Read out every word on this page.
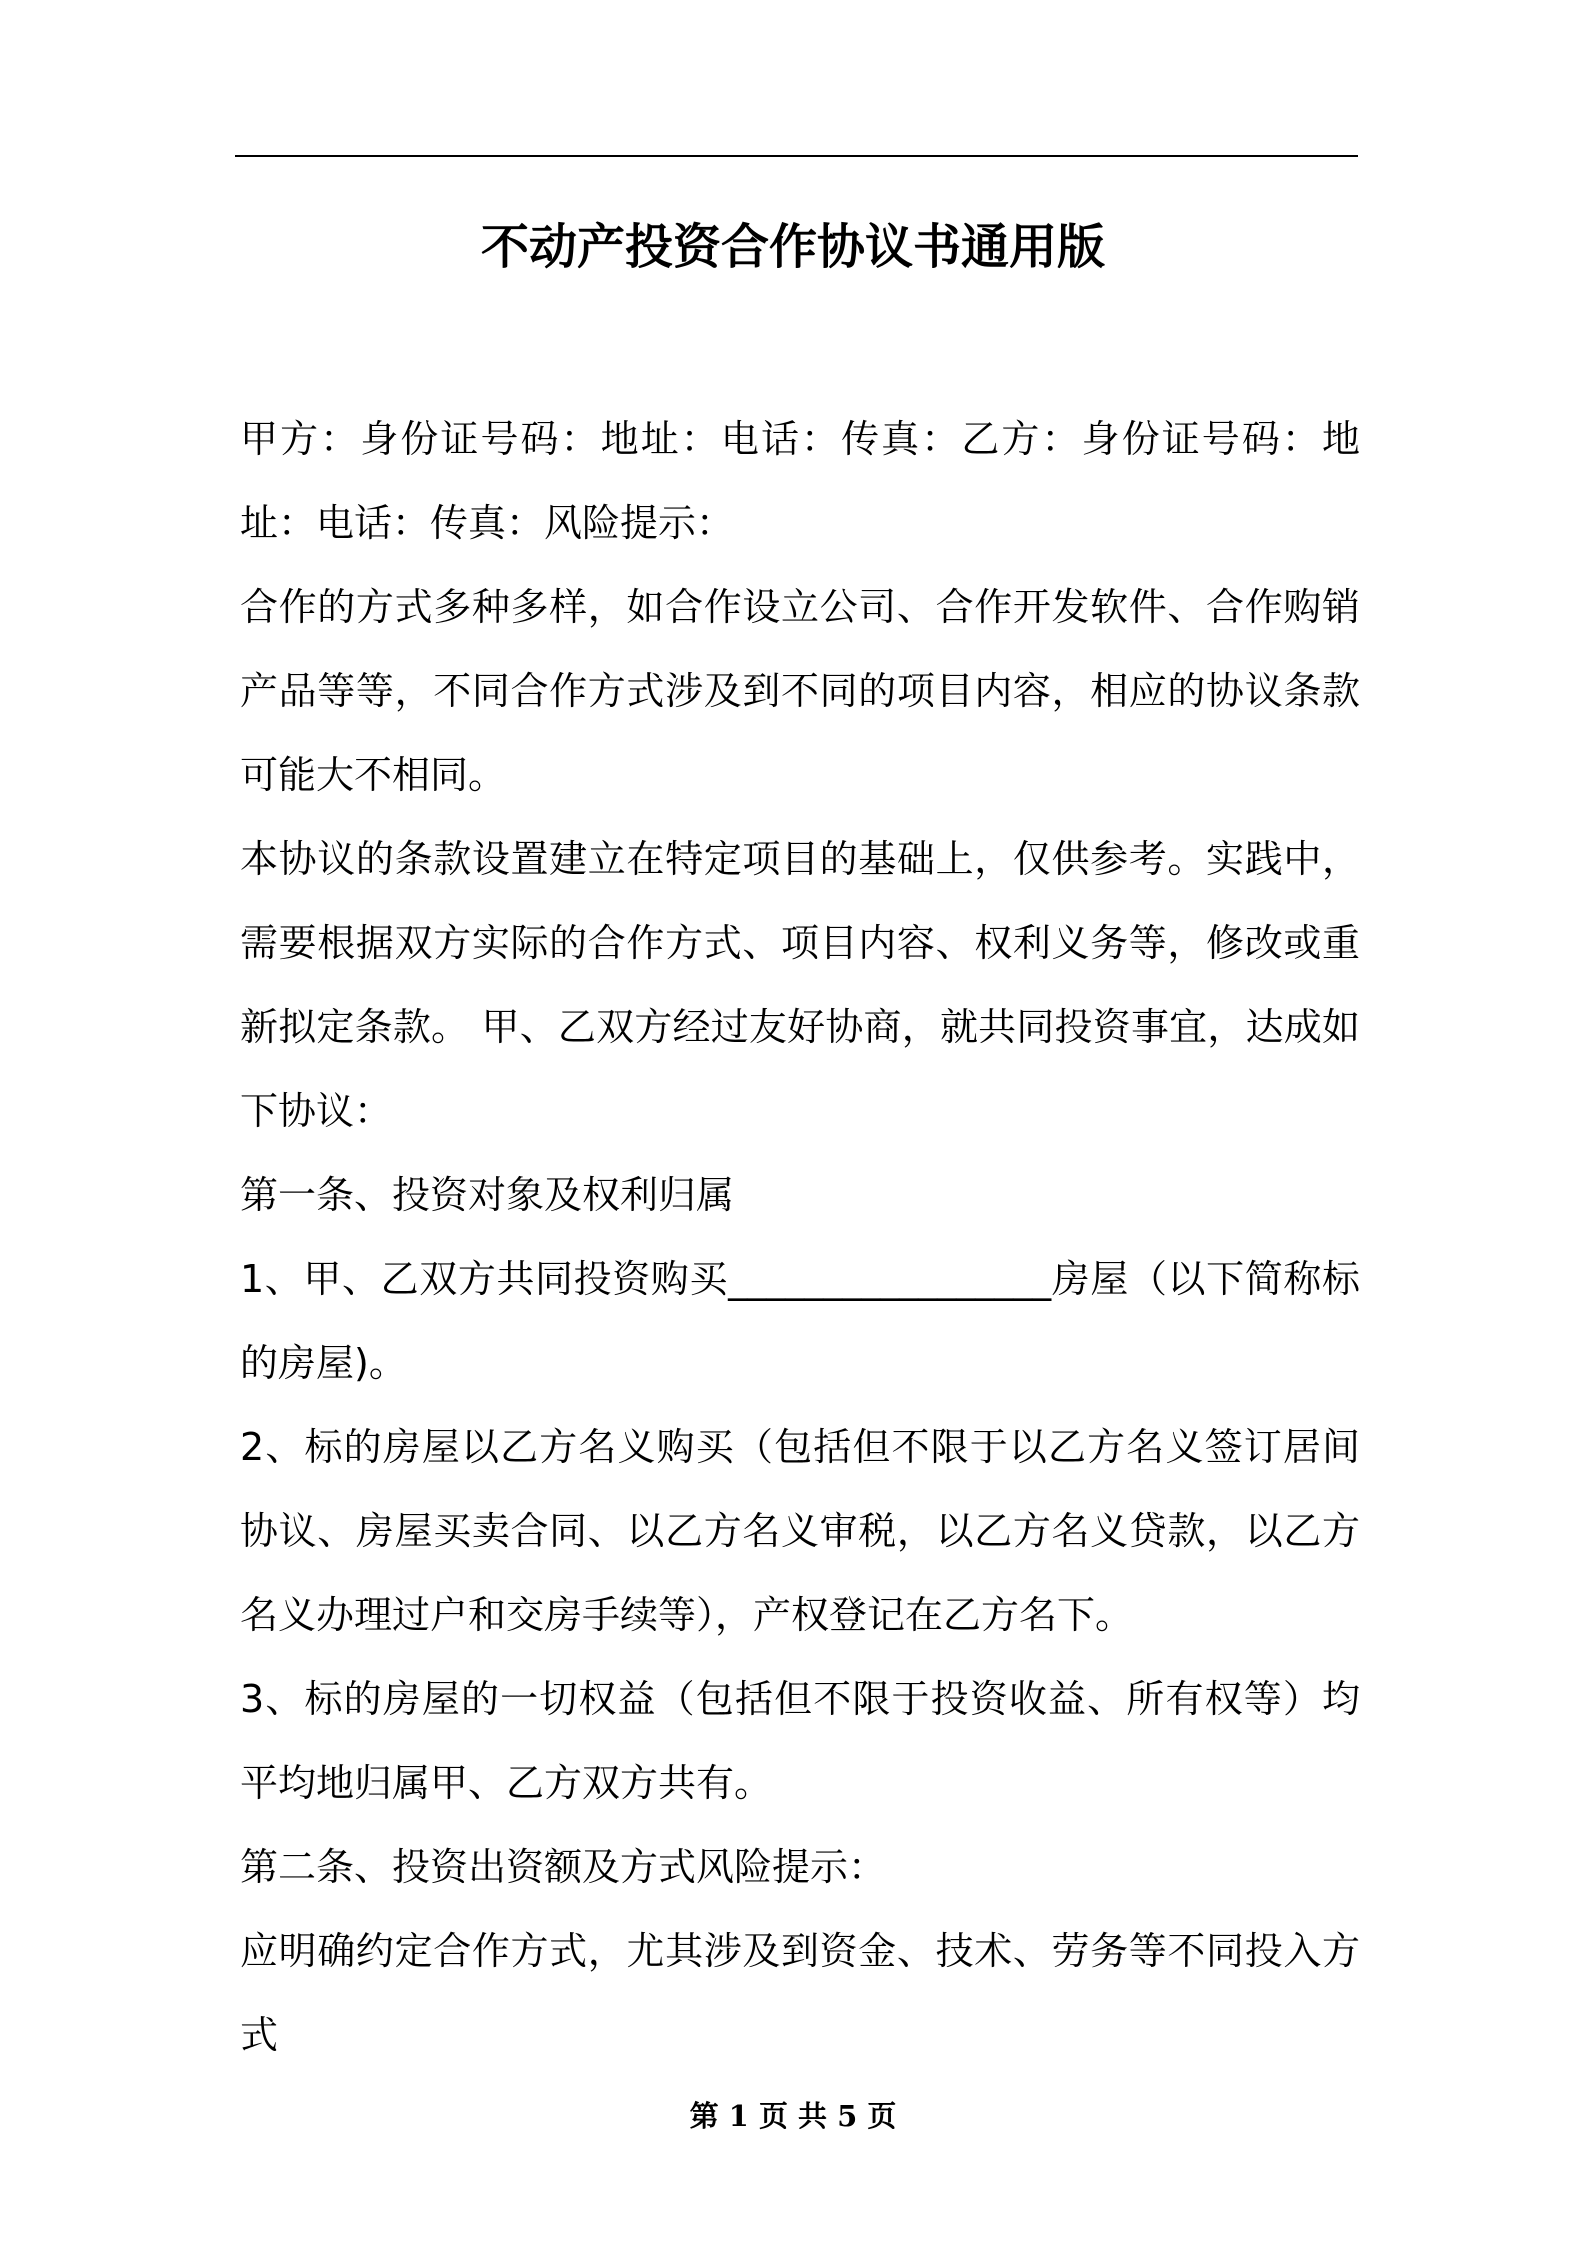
不动产投资合作协议书通用版

甲方：身份证号码：地址：电话：传真：乙方：身份证号码：地址：电话：传真：风险提示：

合作的方式多种多样，如合作设立公司、合作开发软件、合作购销产品等等，不同合作方式涉及到不同的项目内容，相应的协议条款可能大不相同。

本协议的条款设置建立在特定项目的基础上，仅供参考。实践中，需要根据双方实际的合作方式、项目内容、权利义务等，修改或重新拟定条款。 甲、乙双方经过友好协商，就共同投资事宜，达成如下协议：

第一条、投资对象及权利归属

1、甲、乙双方共同投资购买_________________房屋（以下简称标的房屋)。

2、标的房屋以乙方名义购买（包括但不限于以乙方名义签订居间协议、房屋买卖合同、以乙方名义审税，以乙方名义贷款，以乙方名义办理过户和交房手续等），产权登记在乙方名下。

3、标的房屋的一切权益（包括但不限于投资收益、所有权等）均平均地归属甲、乙方双方共有。

第二条、投资出资额及方式风险提示：

应明确约定合作方式，尤其涉及到资金、技术、劳务等不同投入方式

第 1 页 共 5 页
